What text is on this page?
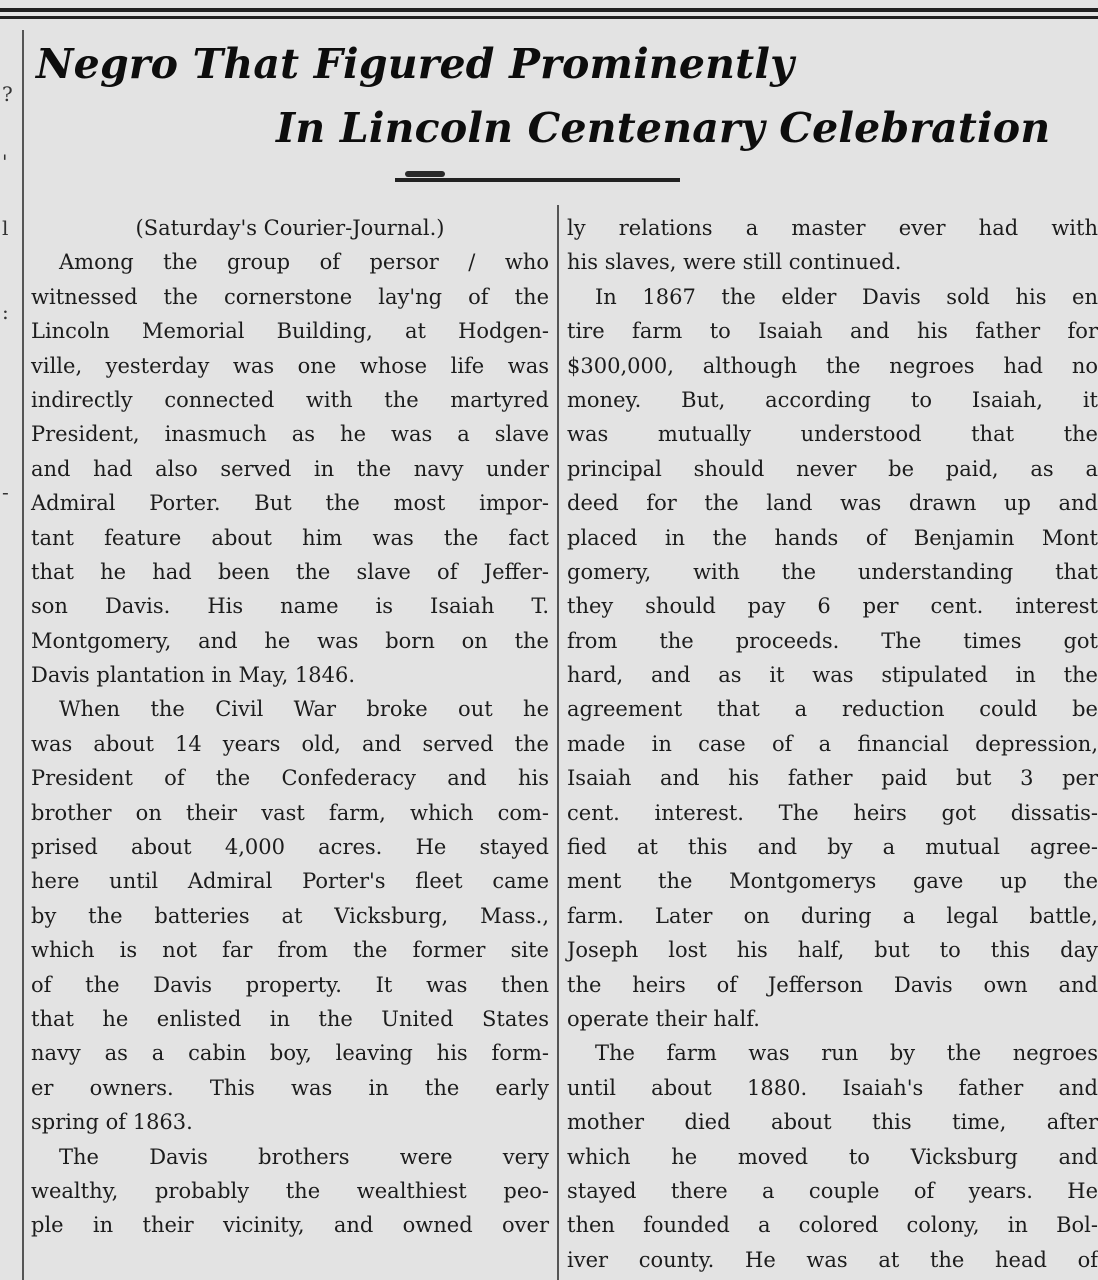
?
'
l
:
-
Negro That Figured Prominently
In Lincoln Centenary Celebration
(Saturday's Courier-Journal.)
Among the group of persor / who
witnessed the cornerstone lay'ng of the
Lincoln Memorial Building, at Hodgen-
ville, yesterday was one whose life was
indirectly connected with the martyred
President, inasmuch as he was a slave
and had also served in the navy under
Admiral Porter. But the most impor-
tant feature about him was the fact
that he had been the slave of Jeffer-
son Davis. His name is Isaiah T.
Montgomery, and he was born on the
Davis plantation in May, 1846.
When the Civil War broke out he
was about 14 years old, and served the
President of the Confederacy and his
brother on their vast farm, which com-
prised about 4,000 acres. He stayed
here until Admiral Porter's fleet came
by the batteries at Vicksburg, Mass.,
which is not far from the former site
of the Davis property. It was then
that he enlisted in the United States
navy as a cabin boy, leaving his form-
er owners. This was in the early
spring of 1863.
The Davis brothers were very
wealthy, probably the wealthiest peo-
ple in their vicinity, and owned over
ly relations a master ever had with
his slaves, were still continued.
In 1867 the elder Davis sold his en
tire farm to Isaiah and his father for
$300,000, although the negroes had no
money. But, according to Isaiah, it
was mutually understood that the
principal should never be paid, as a
deed for the land was drawn up and
placed in the hands of Benjamin Mont
gomery, with the understanding that
they should pay 6 per cent. interest
from the proceeds. The times got
hard, and as it was stipulated in the
agreement that a reduction could be
made in case of a financial depression,
Isaiah and his father paid but 3 per
cent. interest. The heirs got dissatis-
fied at this and by a mutual agree-
ment the Montgomerys gave up the
farm. Later on during a legal battle,
Joseph lost his half, but to this day
the heirs of Jefferson Davis own and
operate their half.
The farm was run by the negroes
until about 1880. Isaiah's father and
mother died about this time, after
which he moved to Vicksburg and
stayed there a couple of years. He
then founded a colored colony, in Bol-
iver county. He was at the head of
